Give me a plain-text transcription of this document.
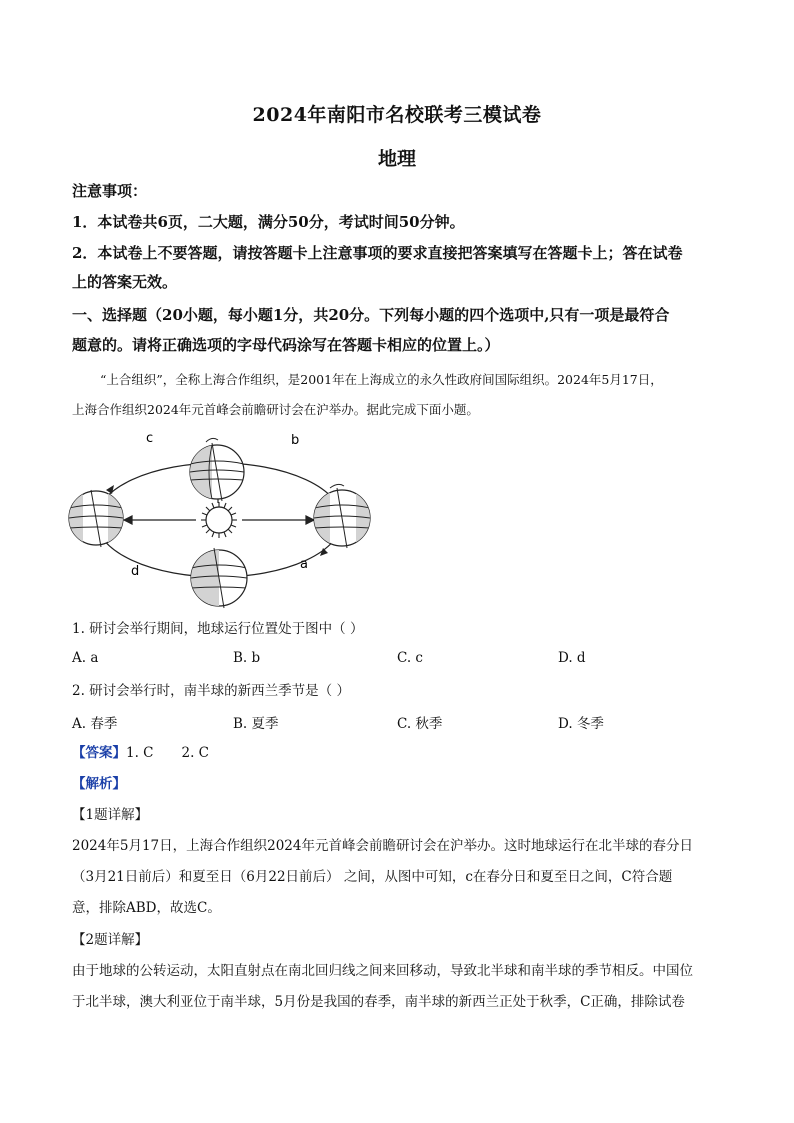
2024年南阳市名校联考三模试卷
地理
注意事项：
1．本试卷共6页，二大题，满分50分，考试时间50分钟。
2．本试卷上不要答题，请按答题卡上注意事项的要求直接把答案填写在答题卡上；答在试卷
上的答案无效。
一、选择题（20小题，每小题1分，共20分。下列每小题的四个选项中,只有一项是最符合
题意的。请将正确选项的字母代码涂写在答题卡相应的位置上。）
“上合组织”，全称上海合作组织，是2001年在上海成立的永久性政府间国际组织。2024年5月17日，
上海合作组织2024年元首峰会前瞻研讨会在沪举办。据此完成下面小题。
c	b
d	a
1. 研讨会举行期间，地球运行位置处于图中（ ）
A. a	B. b	C. c	D. d
2. 研讨会举行时，南半球的新西兰季节是（ ）
A. 春季	B. 夏季	C. 秋季	D. 冬季
【答案】1. C 2. C
【解析】
【1题详解】
2024年5月17日，上海合作组织2024年元首峰会前瞻研讨会在沪举办。这时地球运行在北半球的春分日
（3月21日前后）和夏至日（6月22日前后） 之间，从图中可知，c在春分日和夏至日之间，C符合题
意，排除ABD，故选C。
【2题详解】
由于地球的公转运动，太阳直射点在南北回归线之间来回移动，导致北半球和南半球的季节相反。中国位
于北半球，澳大利亚位于南半球，5月份是我国的春季，南半球的新西兰正处于秋季，C正确，排除试卷
